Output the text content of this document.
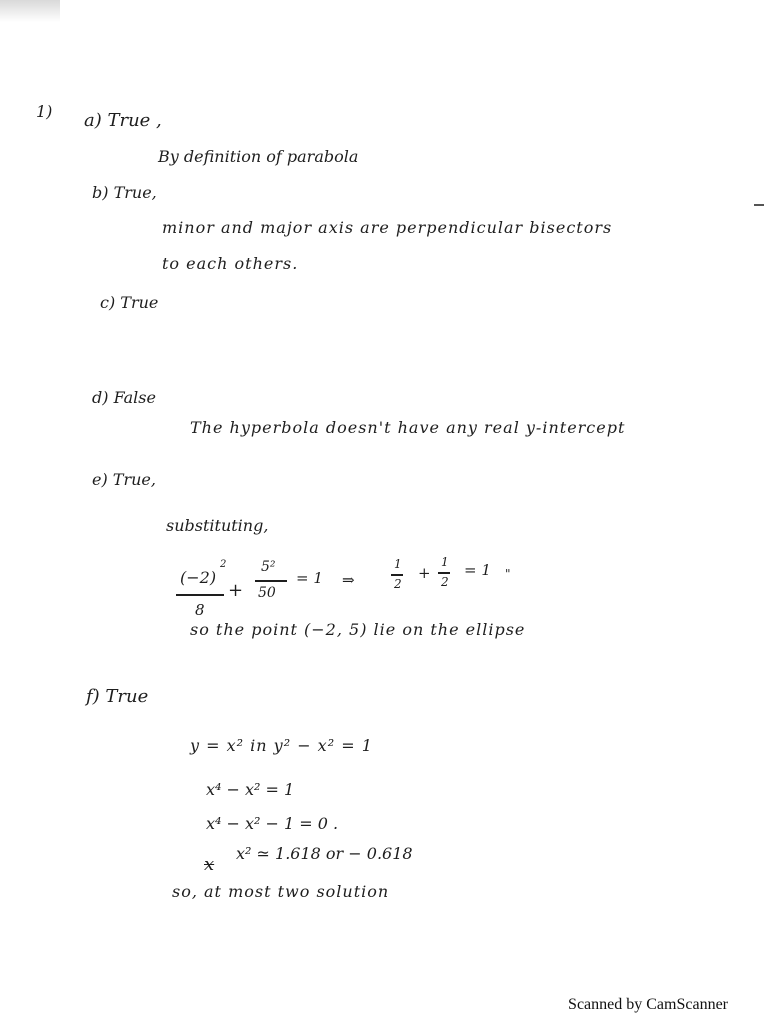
1) a) True ,
By definition of parabola
b) True,
minor and major axis are perpendicular bisectors
to each others.
c) True
d) False
The hyperbola doesn't have any real y-intercept
e) True,
substituting,
(−2)
2
8
+
5²
50
= 1 ⇒
1
2
+
1
2
= 1 "
so the point (−2, 5) lie on the ellipse
f) True
y = x² in y² − x² = 1
x⁴ − x² = 1
x⁴ − x² − 1 = 0 .
x
x² ≃ 1.618 or − 0.618
so, at most two solution
Scanned by CamScanner
